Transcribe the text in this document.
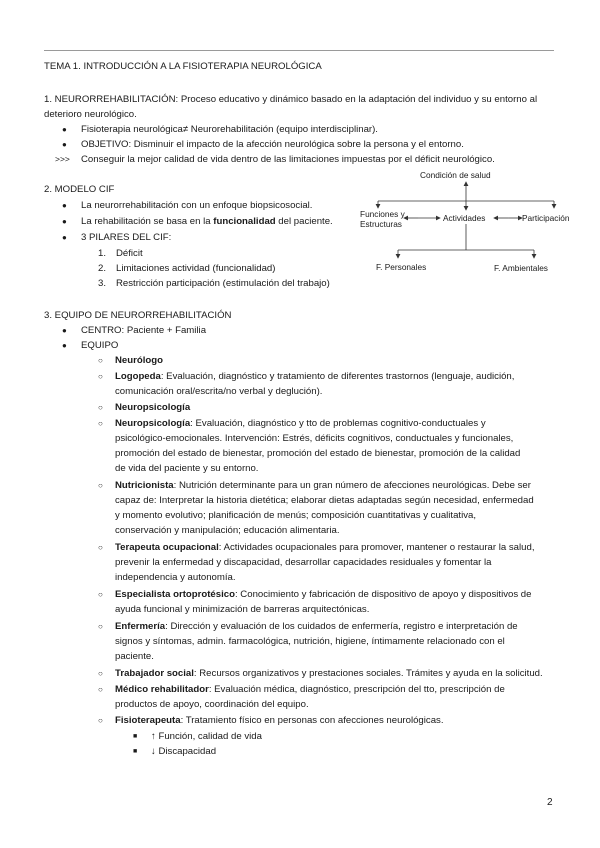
TEMA 1. INTRODUCCIÓN A LA FISIOTERAPIA NEUROLÓGICA
1. NEURORREHABILITACIÓN: Proceso educativo y dinámico basado en la adaptación del individuo y su entorno al
deterioro neurológico.
●	Fisioterapia neurológica≠ Neurorehabilitación (equipo interdisciplinar).
●	OBJETIVO: Disminuir el impacto de la afección neurológica sobre la persona y el entorno.
>>> Conseguir la mejor calidad de vida dentro de las limitaciones impuestas por el déficit neurológico.
2. MODELO CIF
●	La neurorrehabilitación con un enfoque biopsicosocial.
●	La rehabilitación se basa en la funcionalidad del paciente.
●	3 PILARES DEL CIF:
1. Déficit
2. Limitaciones actividad (funcionalidad)
3. Restricción participación (estimulación del trabajo)
Condición de salud
Funciones y
Estructuras
Actividades	Participación
F. Personales	F. Ambientales
3. EQUIPO DE NEURORREHABILITACIÓN
●	CENTRO: Paciente + Familia
●	EQUIPO
○ Neurólogo
○ Logopeda: Evaluación, diagnóstico y tratamiento de diferentes trastornos (lenguaje, audición,
comunicación oral/escrita/no verbal y deglución).
○ Neuropsicología
○ Neuropsicología: Evaluación, diagnóstico y tto de problemas cognitivo-conductuales y
psicológico-emocionales. Intervención: Estrés, déficits cognitivos, conductuales y funcionales,
promoción del estado de bienestar, promoción del estado de bienestar, promoción de la calidad
de vida del paciente y su entorno.
○ Nutricionista: Nutrición determinante para un gran número de afecciones neurológicas. Debe ser
capaz de: Interpretar la historia dietética; elaborar dietas adaptadas según necesidad, enfermedad
y momento evolutivo; planificación de menús; composición cuantitativas y cualitativa,
conservación y manipulación; educación alimentaria.
○ Terapeuta ocupacional: Actividades ocupacionales para promover, mantener o restaurar la salud,
prevenir la enfermedad y discapacidad, desarrollar capacidades residuales y fomentar la
independencia y autonomía.
○ Especialista ortoprotésico: Conocimiento y fabricación de dispositivo de apoyo y dispositivos de
ayuda funcional y minimización de barreras arquitectónicas.
○ Enfermería: Dirección y evaluación de los cuidados de enfermería, registro e interpretación de
signos y síntomas, admin. farmacológica, nutrición, higiene, íntimamente relacionado con el
paciente.
○ Trabajador social: Recursos organizativos y prestaciones sociales. Trámites y ayuda en la solicitud.
○ Médico rehabilitador: Evaluación médica, diagnóstico, prescripción del tto, prescripción de
productos de apoyo, coordinación del equipo.
○ Fisioterapeuta: Tratamiento físico en personas con afecciones neurológicas.
■ ↑ Función, calidad de vida
■ ↓ Discapacidad
2
